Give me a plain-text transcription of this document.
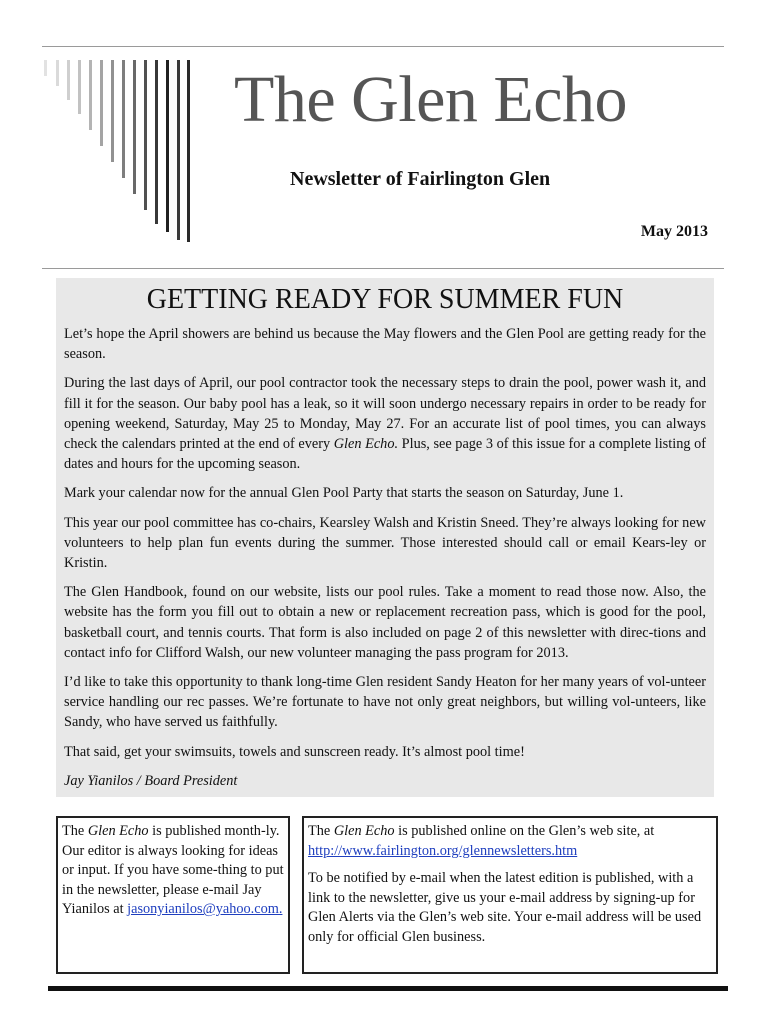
The Glen Echo
Newsletter of Fairlington Glen
May 2013
GETTING READY FOR SUMMER FUN

Let’s hope the April showers are behind us because the May flowers and the Glen Pool are getting ready for the season.

During the last days of April, our pool contractor took the necessary steps to drain the pool, power wash it, and fill it for the season. Our baby pool has a leak, so it will soon undergo necessary repairs in order to be ready for opening weekend, Saturday, May 25 to Monday, May 27. For an accurate list of pool times, you can always check the calendars printed at the end of every Glen Echo. Plus, see page 3 of this issue for a complete listing of dates and hours for the upcoming season.

Mark your calendar now for the annual Glen Pool Party that starts the season on Saturday, June 1.

This year our pool committee has co-chairs, Kearsley Walsh and Kristin Sneed. They’re always looking for new volunteers to help plan fun events during the summer. Those interested should call or email Kears-ley or Kristin.

The Glen Handbook, found on our website, lists our pool rules. Take a moment to read those now. Also, the website has the form you fill out to obtain a new or replacement recreation pass, which is good for the pool, basketball court, and tennis courts. That form is also included on page 2 of this newsletter with direc-tions and contact info for Clifford Walsh, our new volunteer managing the pass program for 2013.

I’d like to take this opportunity to thank long-time Glen resident Sandy Heaton for her many years of vol-unteer service handling our rec passes. We’re fortunate to have not only great neighbors, but willing vol-unteers, like Sandy, who have served us faithfully.

That said, get your swimsuits, towels and sunscreen ready. It’s almost pool time!

Jay Yianilos / Board President

The Glen Echo is published month-ly. Our editor is always looking for ideas or input. If you have some-thing to put in the newsletter, please e-mail Jay Yianilos at jasonyianilos@yahoo.com.

The Glen Echo is published online on the Glen’s web site, at http://www.fairlington.org/glennewsletters.htm

To be notified by e-mail when the latest edition is published, with a link to the newsletter, give us your e-mail address by signing-up for Glen Alerts via the Glen’s web site. Your e-mail address will be used only for official Glen business.
